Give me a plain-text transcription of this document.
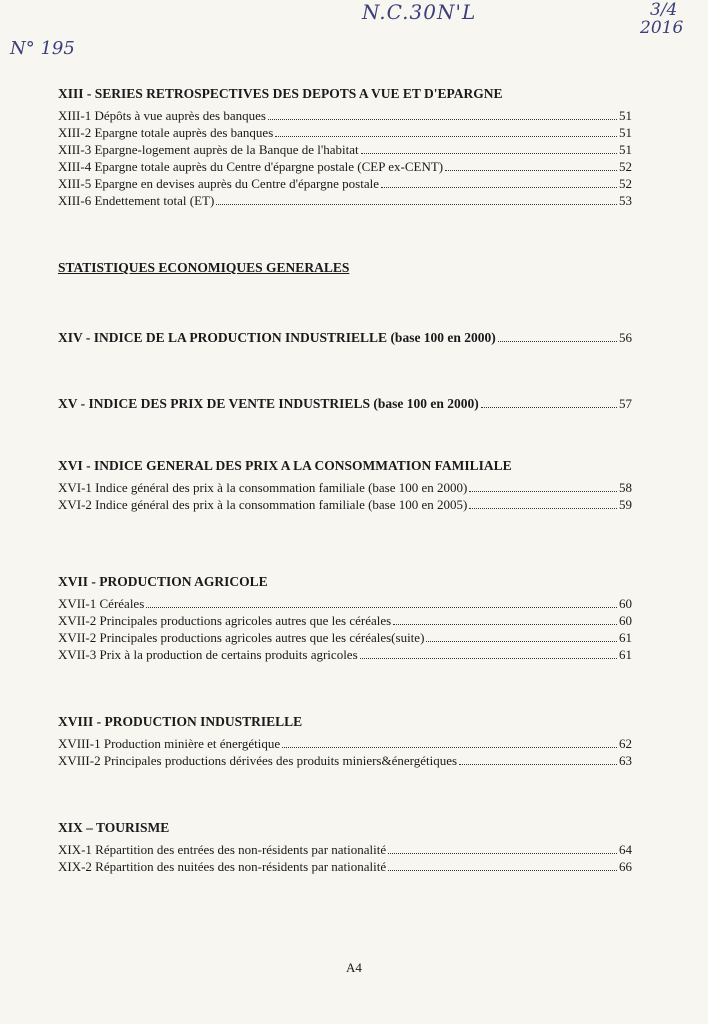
N.C.30N'L
N° 195
3/4
2016
XIII - SERIES RETROSPECTIVES DES DEPOTS A VUE ET D'EPARGNE
XIII-1 Dépôts à vue auprès des banques	51
XIII-2 Epargne totale auprès des banques	51
XIII-3 Epargne-logement auprès de la Banque de l'habitat	51
XIII-4 Epargne totale auprès du Centre d'épargne postale (CEP ex-CENT)	52
XIII-5 Epargne en devises auprès du Centre d'épargne postale	52
XIII-6 Endettement total (ET)	53
STATISTIQUES ECONOMIQUES GENERALES
XIV - INDICE DE LA PRODUCTION INDUSTRIELLE (base 100 en 2000)	56
XV - INDICE DES PRIX DE VENTE INDUSTRIELS (base 100 en 2000)	57
XVI - INDICE GENERAL DES PRIX A LA CONSOMMATION FAMILIALE
XVI-1 Indice général des prix à la consommation familiale (base 100 en 2000)	58
XVI-2 Indice général des prix à la consommation familiale (base 100 en 2005)	59
XVII - PRODUCTION AGRICOLE
XVII-1 Céréales	60
XVII-2 Principales productions agricoles autres que les céréales	60
XVII-2 Principales productions agricoles autres que les céréales(suite)	61
XVII-3 Prix à la production de certains produits agricoles	61
XVIII - PRODUCTION INDUSTRIELLE
XVIII-1 Production minière et énergétique	62
XVIII-2 Principales productions dérivées des produits miniers&énergétiques	63
XIX – TOURISME
XIX-1 Répartition des entrées des non-résidents par nationalité	64
XIX-2 Répartition des nuitées des non-résidents par nationalité	66
A4
